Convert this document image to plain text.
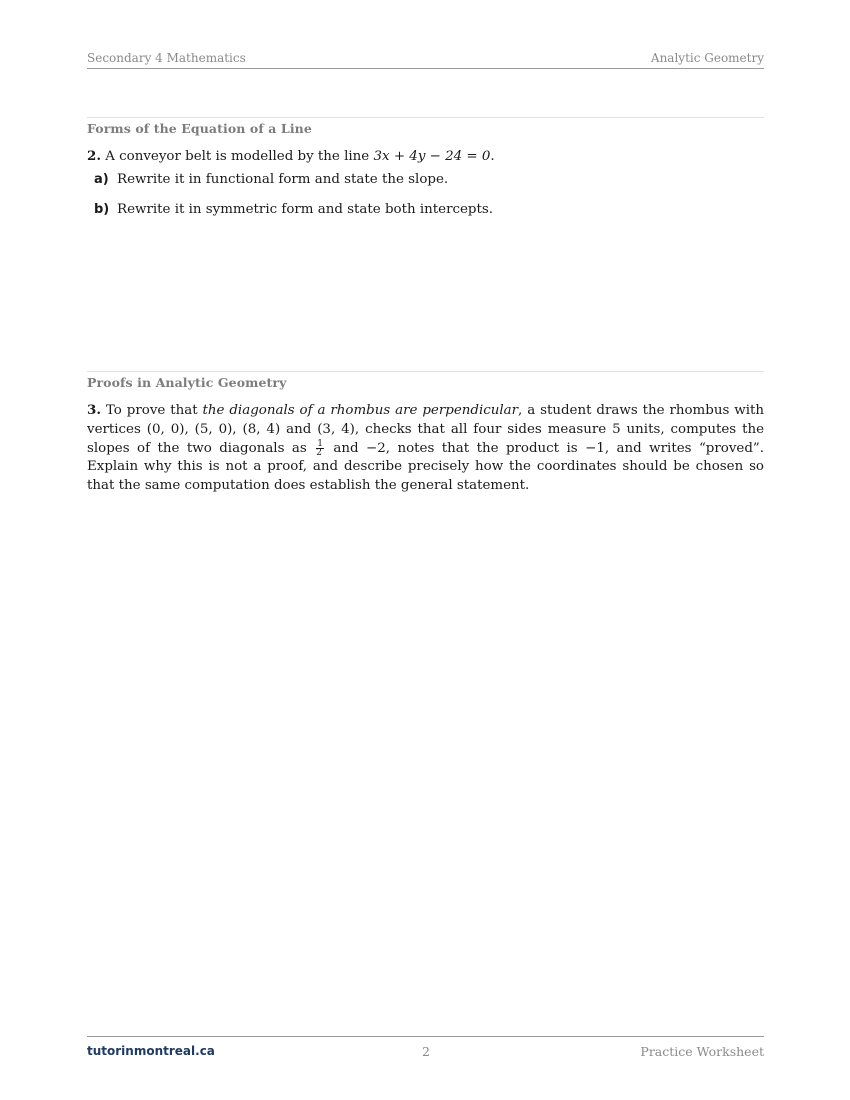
Secondary 4 Mathematics	Analytic Geometry
Forms of the Equation of a Line
2. A conveyor belt is modelled by the line 3x + 4y − 24 = 0.
a) Rewrite it in functional form and state the slope.
b) Rewrite it in symmetric form and state both intercepts.
Proofs in Analytic Geometry
3. To prove that the diagonals of a rhombus are perpendicular, a student draws the rhombus with vertices (0, 0), (5, 0), (8, 4) and (3, 4), checks that all four sides measure 5 units, computes the slopes of the two diagonals as $\frac{1}{2}$ and −2, notes that the product is −1, and writes “proved”. Explain why this is not a proof, and describe precisely how the coordinates should be chosen so that the same computation does establish the general statement.
tutorinmontreal.ca	2	Practice Worksheet
